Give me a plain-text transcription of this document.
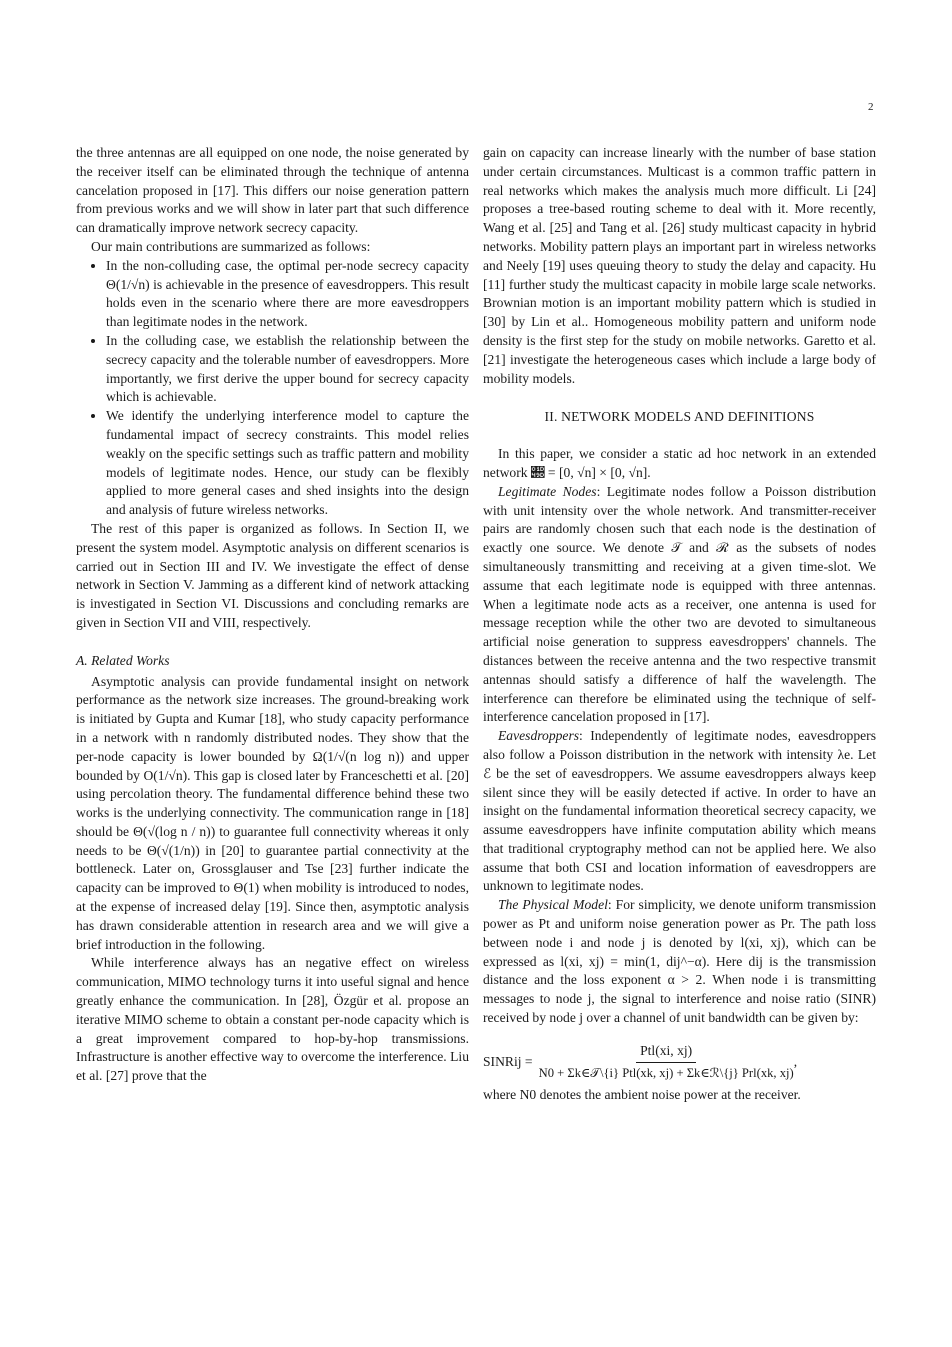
2

the three antennas are all equipped on one node, the noise generated by the receiver itself can be eliminated through the technique of antenna cancelation proposed in [17]. This differs our noise generation pattern from previous works and we will show in later part that such difference can dramatically improve network secrecy capacity.

Our main contributions are summarized as follows:

• In the non-colluding case, the optimal per-node secrecy capacity Θ(1/√n) is achievable in the presence of eavesdroppers. This result holds even in the scenario where there are more eavesdroppers than legitimate nodes in the network.
• In the colluding case, we establish the relationship between the secrecy capacity and the tolerable number of eavesdroppers. More importantly, we first derive the upper bound for secrecy capacity which is achievable.
• We identify the underlying interference model to capture the fundamental impact of secrecy constraints. This model relies weakly on the specific settings such as traffic pattern and mobility models of legitimate nodes. Hence, our study can be flexibly applied to more general cases and shed insights into the design and analysis of future wireless networks.

The rest of this paper is organized as follows. In Section II, we present the system model. Asymptotic analysis on different scenarios is carried out in Section III and IV. We investigate the effect of dense network in Section V. Jamming as a different kind of network attacking is investigated in Section VI. Discussions and concluding remarks are given in Section VII and VIII, respectively.

A. Related Works

Asymptotic analysis can provide fundamental insight on network performance as the network size increases. The ground-breaking work is initiated by Gupta and Kumar [18], who study capacity performance in a network with n randomly distributed nodes. They show that the per-node capacity is lower bounded by Ω(1/√(n log n)) and upper bounded by O(1/√n). This gap is closed later by Franceschetti et al. [20] using percolation theory. The fundamental difference behind these two works is the underlying connectivity. The communication range in [18] should be Θ(√(log n / n)) to guarantee full connectivity whereas it only needs to be Θ(√(1/n)) in [20] to guarantee partial connectivity at the bottleneck. Later on, Grossglauser and Tse [23] further indicate the capacity can be improved to Θ(1) when mobility is introduced to nodes, at the expense of increased delay [19]. Since then, asymptotic analysis has drawn considerable attention in research area and we will give a brief introduction in the following.

While interference always has an negative effect on wireless communication, MIMO technology turns it into useful signal and hence greatly enhance the communication. In [28], Özgür et al. propose an iterative MIMO scheme to obtain a constant per-node capacity which is a great improvement compared to hop-by-hop transmissions. Infrastructure is another effective way to overcome the interference. Liu et al. [27] prove that the

gain on capacity can increase linearly with the number of base station under certain circumstances. Multicast is a common traffic pattern in real networks which makes the analysis much more difficult. Li [24] proposes a tree-based routing scheme to deal with it. More recently, Wang et al. [25] and Tang et al. [26] study multicast capacity in hybrid networks. Mobility pattern plays an important part in wireless networks and Neely [19] uses queuing theory to study the delay and capacity. Hu [11] further study the multicast capacity in mobile large scale networks. Brownian motion is an important mobility pattern which is studied in [30] by Lin et al.. Homogeneous mobility pattern and uniform node density is the first step for the study on mobile networks. Garetto et al. [21] investigate the heterogeneous cases which include a large body of mobility models.

II. NETWORK MODELS AND DEFINITIONS

In this paper, we consider a static ad hoc network in an extended network 𝒝 = [0, √n] × [0, √n].

Legitimate Nodes: Legitimate nodes follow a Poisson distribution with unit intensity over the whole network. And transmitter-receiver pairs are randomly chosen such that each node is the destination of exactly one source. We denote 𝒯 and ℛ as the subsets of nodes simultaneously transmitting and receiving at a given time-slot. We assume that each legitimate node is equipped with three antennas. When a legitimate node acts as a receiver, one antenna is used for message reception while the other two are devoted to simultaneous artificial noise generation to suppress eavesdroppers' channels. The distances between the receive antenna and the two respective transmit antennas should satisfy a difference of half the wavelength. The interference can therefore be eliminated using the technique of self-interference cancelation proposed in [17].

Eavesdroppers: Independently of legitimate nodes, eavesdroppers also follow a Poisson distribution in the network with intensity λe. Let ℰ be the set of eavesdroppers. We assume eavesdroppers always keep silent since they will be easily detected if active. In order to have an insight on the fundamental information theoretical secrecy capacity, we assume eavesdroppers have infinite computation ability which means that traditional cryptography method can not be applied here. We also assume that both CSI and location information of eavesdroppers are unknown to legitimate nodes.

The Physical Model: For simplicity, we denote uniform transmission power as Pt and uniform noise generation power as Pr. The path loss between node i and node j is denoted by l(xi, xj), which can be expressed as l(xi, xj) = min(1, dij^−α). Here dij is the transmission distance and the loss exponent α > 2. When node i is transmitting messages to node j, the signal to interference and noise ratio (SINR) received by node j over a channel of unit bandwidth can be given by:

SINRij = $\frac{\text{Ptl(xi, xj)}}{\text{N0 + Σk∈𝒯\textbackslash{}\{i\} Ptl(xk, xj) + Σk∈ℛ\textbackslash{}\{j\} Prl(xk, xj)}}$ ,

where N0 denotes the ambient noise power at the receiver.
